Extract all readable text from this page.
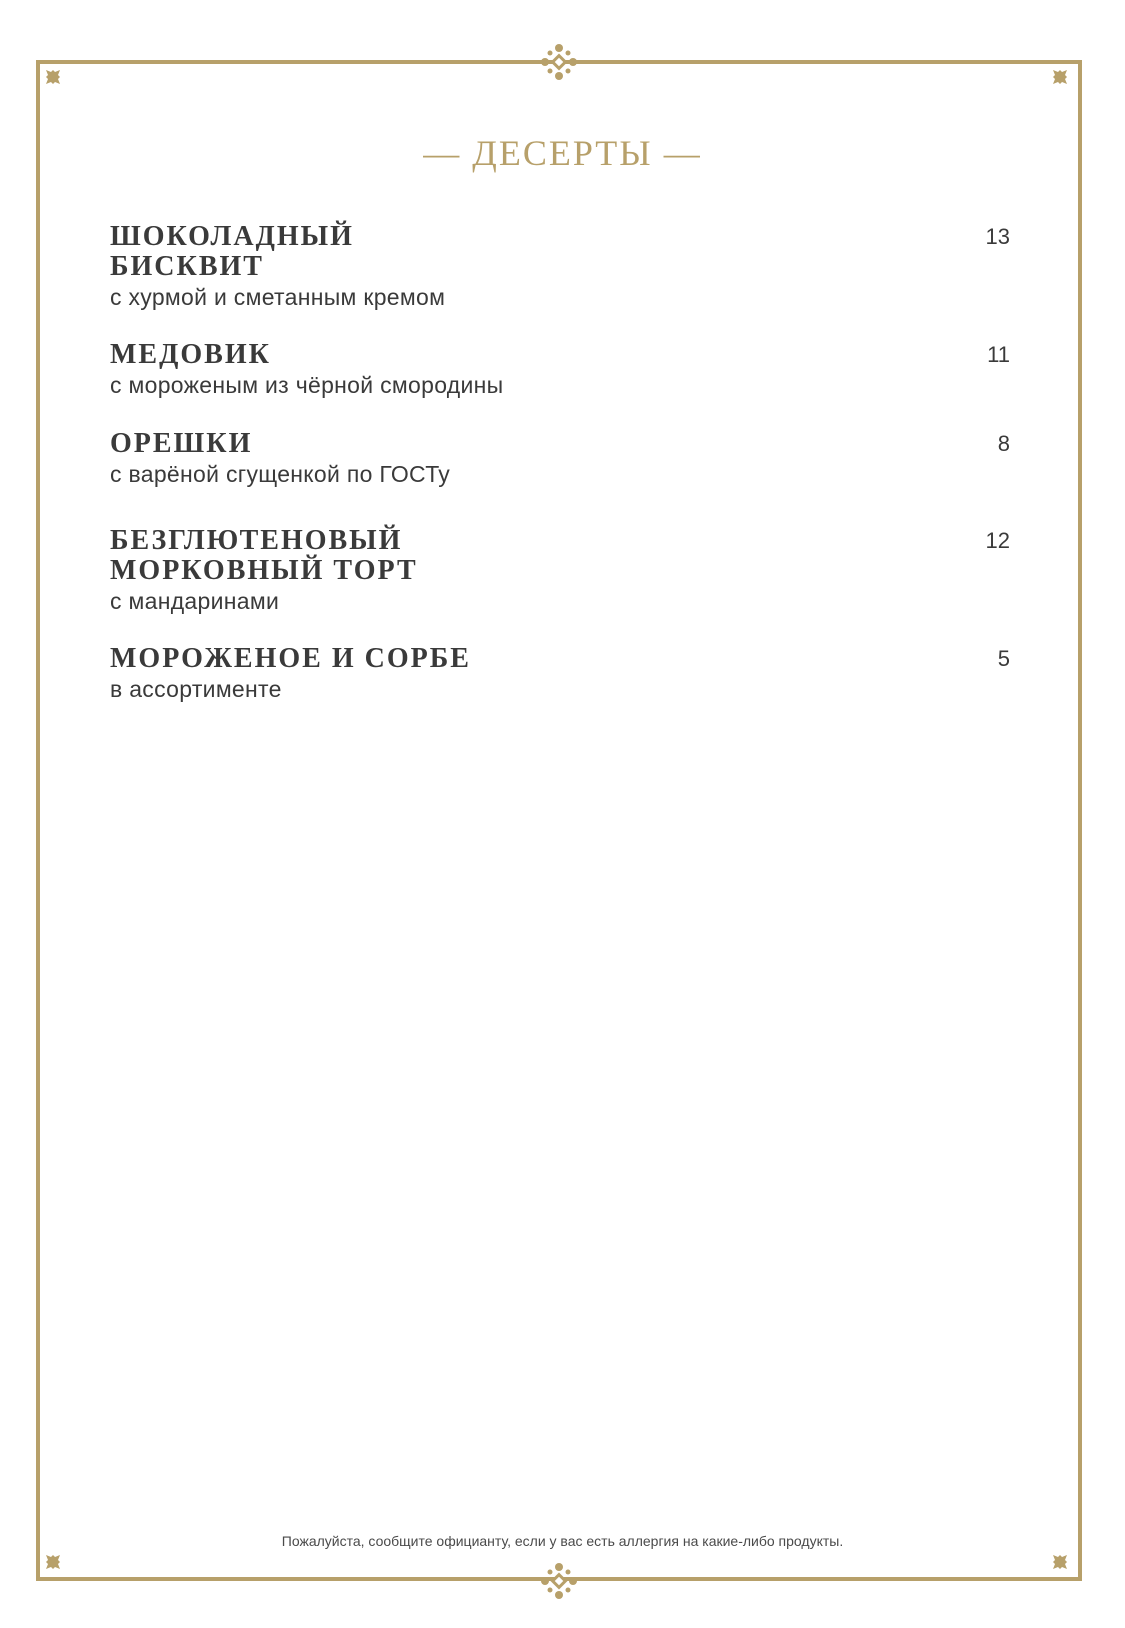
— ДЕСЕРТЫ —
ШОКОЛАДНЫЙ
БИСКВИТ
с хурмой и сметанным кремом
13
МЕДОВИК
с мороженым из чёрной смородины
11
ОРЕШКИ
с варёной сгущенкой по ГОСТу
8
БЕЗГЛЮТЕНОВЫЙ
МОРКОВНЫЙ ТОРТ
с мандаринами
12
МОРОЖЕНОЕ И СОРБЕ
в ассортименте
5
Пожалуйста, сообщите официанту, если у вас есть аллергия на какие-либо продукты.
